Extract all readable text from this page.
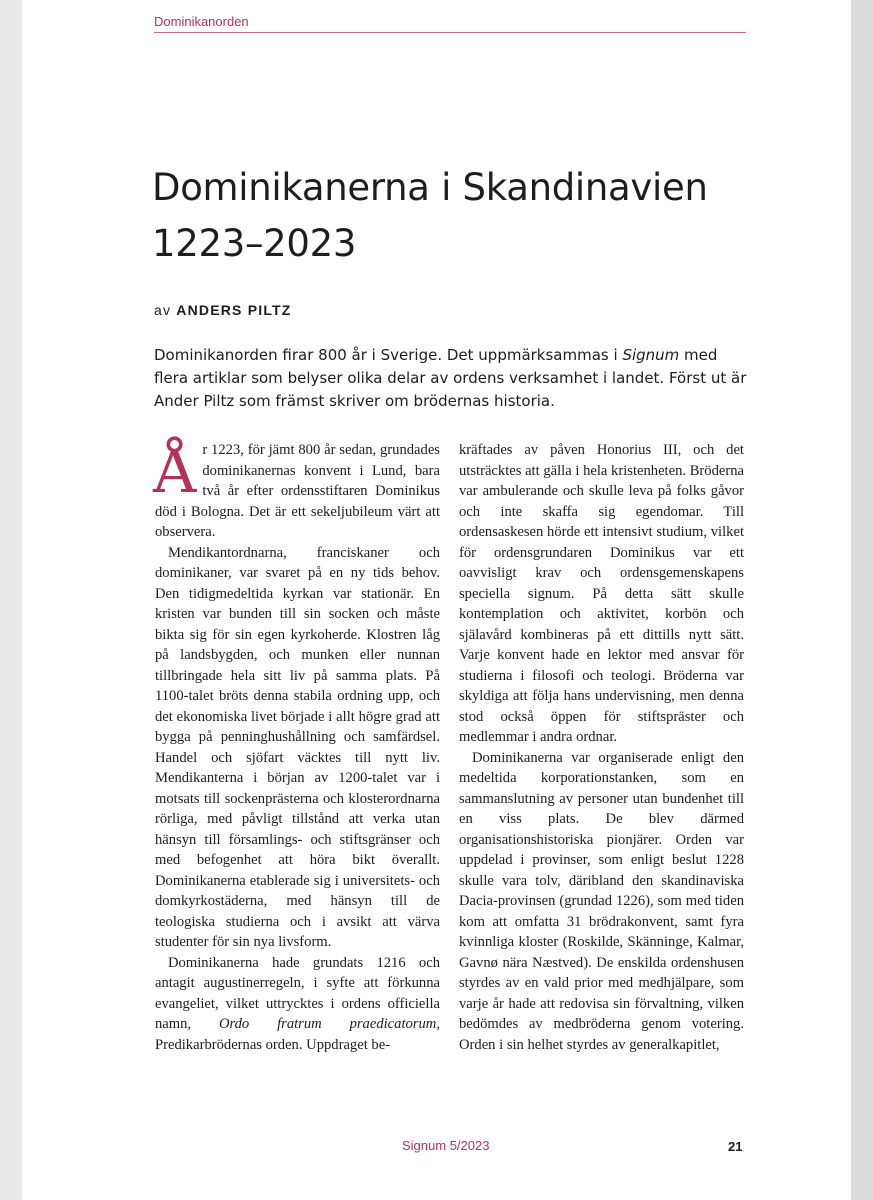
Dominikanorden
Dominikanerna i Skandinavien
1223–2023
av ANDERS PILTZ

Dominikanorden firar 800 år i Sverige. Det uppmärksammas i Signum med flera artiklar som belyser olika delar av ordens verksamhet i landet. Först ut är Ander Piltz som främst skriver om brödernas historia.

År 1223, för jämt 800 år sedan, grundades dominikanernas konvent i Lund, bara två år efter ordensstiftaren Dominikus död i Bologna. Det är ett sekeljubileum värt att observera.

Mendikantordnarna, franciskaner och dominikaner, var svaret på en ny tids behov. Den tidigmedeltida kyrkan var stationär. En kristen var bunden till sin socken och måste bikta sig för sin egen kyrkoherde. Klostren låg på landsbygden, och munken eller nunnan tillbringade hela sitt liv på samma plats. På 1100-talet bröts denna stabila ordning upp, och det ekonomiska livet började i allt högre grad att bygga på penninghushållning och samfärdsel. Handel och sjöfart väcktes till nytt liv. Mendikanterna i början av 1200-talet var i motsats till sockenprästerna och klosterordnarna rörliga, med påvligt tillstånd att verka utan hänsyn till församlings- och stiftsgränser och med befogenhet att höra bikt överallt. Dominikanerna etablerade sig i universitets- och domkyrkostäderna, med hänsyn till de teologiska studierna och i avsikt att värva studenter för sin nya livsform.

Dominikanerna hade grundats 1216 och antagit augustinerregeln, i syfte att förkunna evangeliet, vilket uttrycktes i ordens officiella namn, Ordo fratrum praedicatorum, Predikarbrödernas orden. Uppdraget be-

kräftades av påven Honorius III, och det utsträcktes att gälla i hela kristenheten. Bröderna var ambulerande och skulle leva på folks gåvor och inte skaffa sig egendomar. Till ordensaskesen hörde ett intensivt studium, vilket för ordensgrundaren Dominikus var ett oavvisligt krav och ordensgemenskapens speciella signum. På detta sätt skulle kontemplation och aktivitet, korbön och själavård kombineras på ett dittills nytt sätt. Varje konvent hade en lektor med ansvar för studierna i filosofi och teologi. Bröderna var skyldiga att följa hans undervisning, men denna stod också öppen för stiftspräster och medlemmar i andra ordnar.

Dominikanerna var organiserade enligt den medeltida korporationstanken, som en sammanslutning av personer utan bundenhet till en viss plats. De blev därmed organisationshistoriska pionjärer. Orden var uppdelad i provinser, som enligt beslut 1228 skulle vara tolv, däribland den skandinaviska Dacia-provinsen (grundad 1226), som med tiden kom att omfatta 31 brödrakonvent, samt fyra kvinnliga kloster (Roskilde, Skänninge, Kalmar, Gavnø nära Næstved). De enskilda ordenshusen styrdes av en vald prior med medhjälpare, som varje år hade att redovisa sin förvaltning, vilken bedömdes av medbröderna genom votering. Orden i sin helhet styrdes av generalkapitlet,

Signum 5/2023	21
